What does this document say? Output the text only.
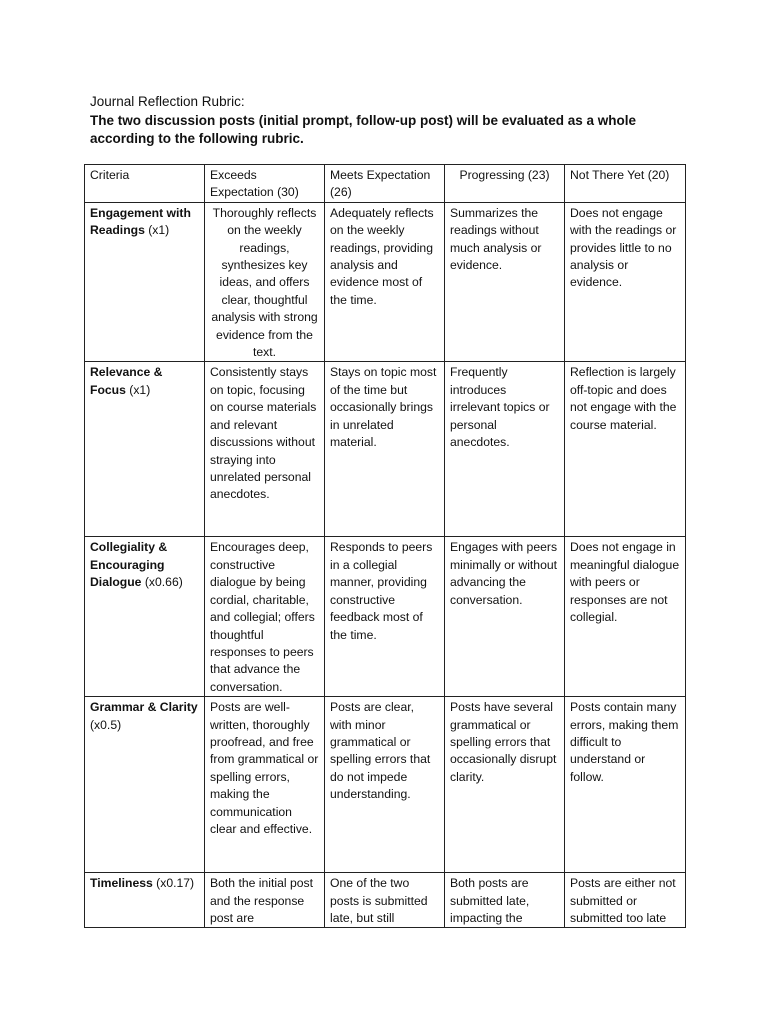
Journal Reflection Rubric:
The two discussion posts (initial prompt, follow-up post) will be evaluated as a whole according to the following rubric.
Criteria	Exceeds Expectation (30)	Meets Expectation (26)	Progressing (23)	Not There Yet (20)
Engagement with Readings (x1)	Thoroughly reflects on the weekly readings, synthesizes key ideas, and offers clear, thoughtful analysis with strong evidence from the text.	Adequately reflects on the weekly readings, providing analysis and evidence most of the time.	Summarizes the readings without much analysis or evidence.	Does not engage with the readings or provides little to no analysis or evidence.
Relevance & Focus (x1)	Consistently stays on topic, focusing on course materials and relevant discussions without straying into unrelated personal anecdotes.	Stays on topic most of the time but occasionally brings in unrelated material.	Frequently introduces irrelevant topics or personal anecdotes.	Reflection is largely off-topic and does not engage with the course material.
Collegiality & Encouraging Dialogue (x0.66)	Encourages deep, constructive dialogue by being cordial, charitable, and collegial; offers thoughtful responses to peers that advance the conversation.	Responds to peers in a collegial manner, providing constructive feedback most of the time.	Engages with peers minimally or without advancing the conversation.	Does not engage in meaningful dialogue with peers or responses are not collegial.
Grammar & Clarity (x0.5)	Posts are well-written, thoroughly proofread, and free from grammatical or spelling errors, making the communication clear and effective.	Posts are clear, with minor grammatical or spelling errors that do not impede understanding.	Posts have several grammatical or spelling errors that occasionally disrupt clarity.	Posts contain many errors, making them difficult to understand or follow.
Timeliness (x0.17)	Both the initial post and the response post are	One of the two posts is submitted late, but still	Both posts are submitted late, impacting the	Posts are either not submitted or submitted too late
